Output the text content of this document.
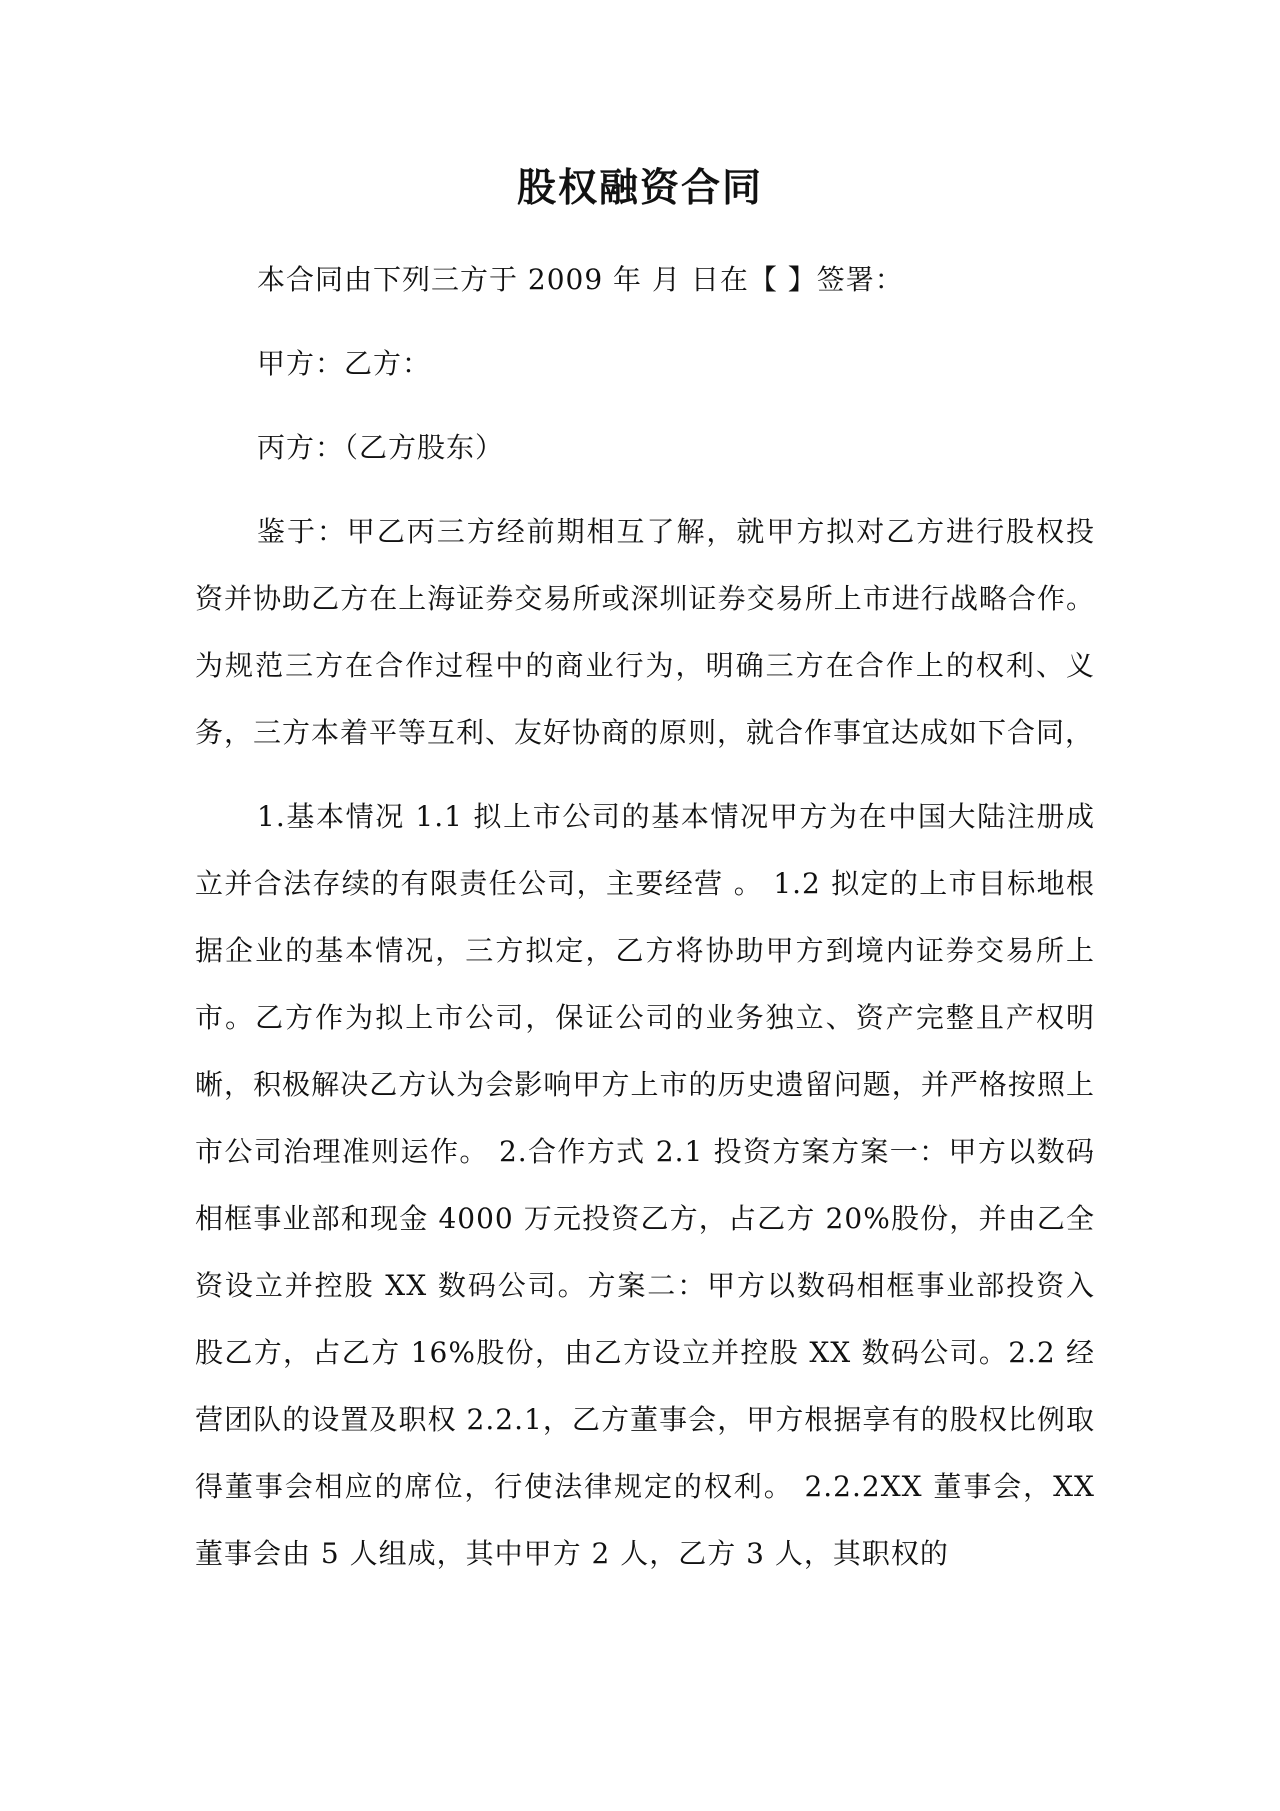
股权融资合同

本合同由下列三方于 2009 年 月 日在【 】签署：

甲方：乙方：

丙方：（乙方股东）

鉴于：甲乙丙三方经前期相互了解，就甲方拟对乙方进行股权投资并协助乙方在上海证券交易所或深圳证券交易所上市进行战略合作。为规范三方在合作过程中的商业行为，明确三方在合作上的权利、义务，三方本着平等互利、友好协商的原则，就合作事宜达成如下合同，

1.基本情况 1.1 拟上市公司的基本情况甲方为在中国大陆注册成立并合法存续的有限责任公司，主要经营 。 1.2 拟定的上市目标地根据企业的基本情况，三方拟定，乙方将协助甲方到境内证券交易所上市。乙方作为拟上市公司，保证公司的业务独立、资产完整且产权明晰，积极解决乙方认为会影响甲方上市的历史遗留问题，并严格按照上市公司治理准则运作。 2.合作方式 2.1 投资方案方案一：甲方以数码相框事业部和现金 4000 万元投资乙方，占乙方 20%股份，并由乙全资设立并控股 XX 数码公司。方案二：甲方以数码相框事业部投资入股乙方，占乙方 16%股份，由乙方设立并控股 XX 数码公司。2.2 经营团队的设置及职权 2.2.1，乙方董事会，甲方根据享有的股权比例取得董事会相应的席位，行使法律规定的权利。 2.2.2XX 董事会，XX 董事会由 5 人组成，其中甲方 2 人，乙方 3 人，其职权的
